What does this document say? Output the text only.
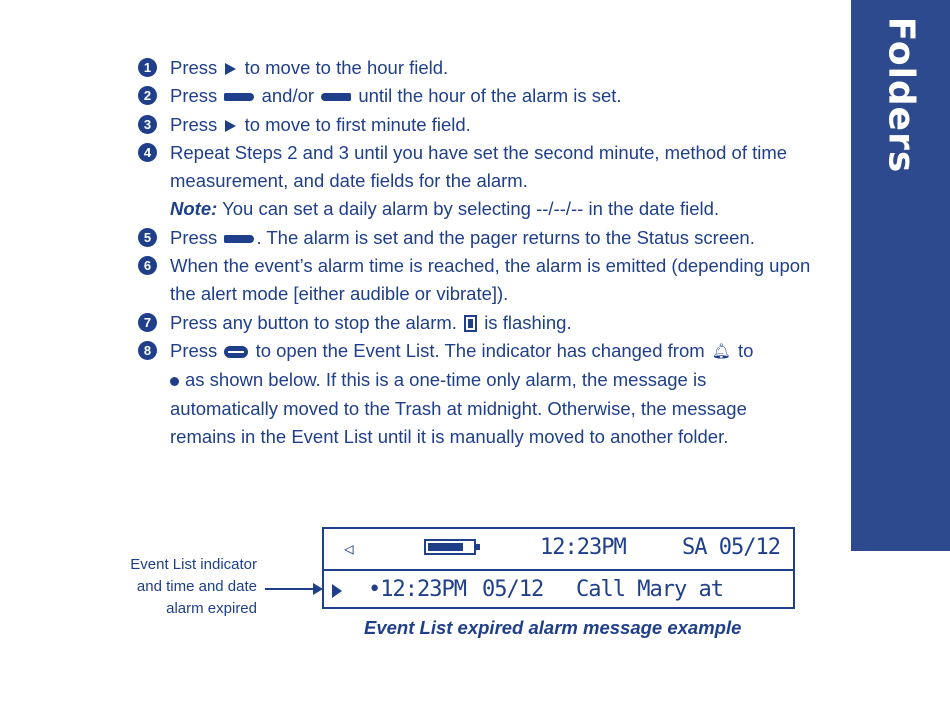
Folders
1	Press to move to the hour field.
2	Press and/or until the hour of the alarm is set.
3	Press to move to first minute field.
4	Repeat Steps 2 and 3 until you have set the second minute, method of time measurement, and date fields for the alarm.
Note: You can set a daily alarm by selecting --/--/-- in the date field.
5	Press . The alarm is set and the pager returns to the Status screen.
6	When the event’s alarm time is reached, the alarm is emitted (depending upon the alert mode [either audible or vibrate]).
7	Press any button to stop the alarm. is flashing.
8	Press to open the Event List. The indicator has changed from 🔔︎ to
as shown below. If this is a one-time only alarm, the message is automatically moved to the Trash at midnight. Otherwise, the message remains in the Event List until it is manually moved to another folder.
Event List indicator
and time and date
alarm expired
◁	12:23PM	SA 05/12
•12:23PM 05/12 Call Mary at
Event List expired alarm message example
